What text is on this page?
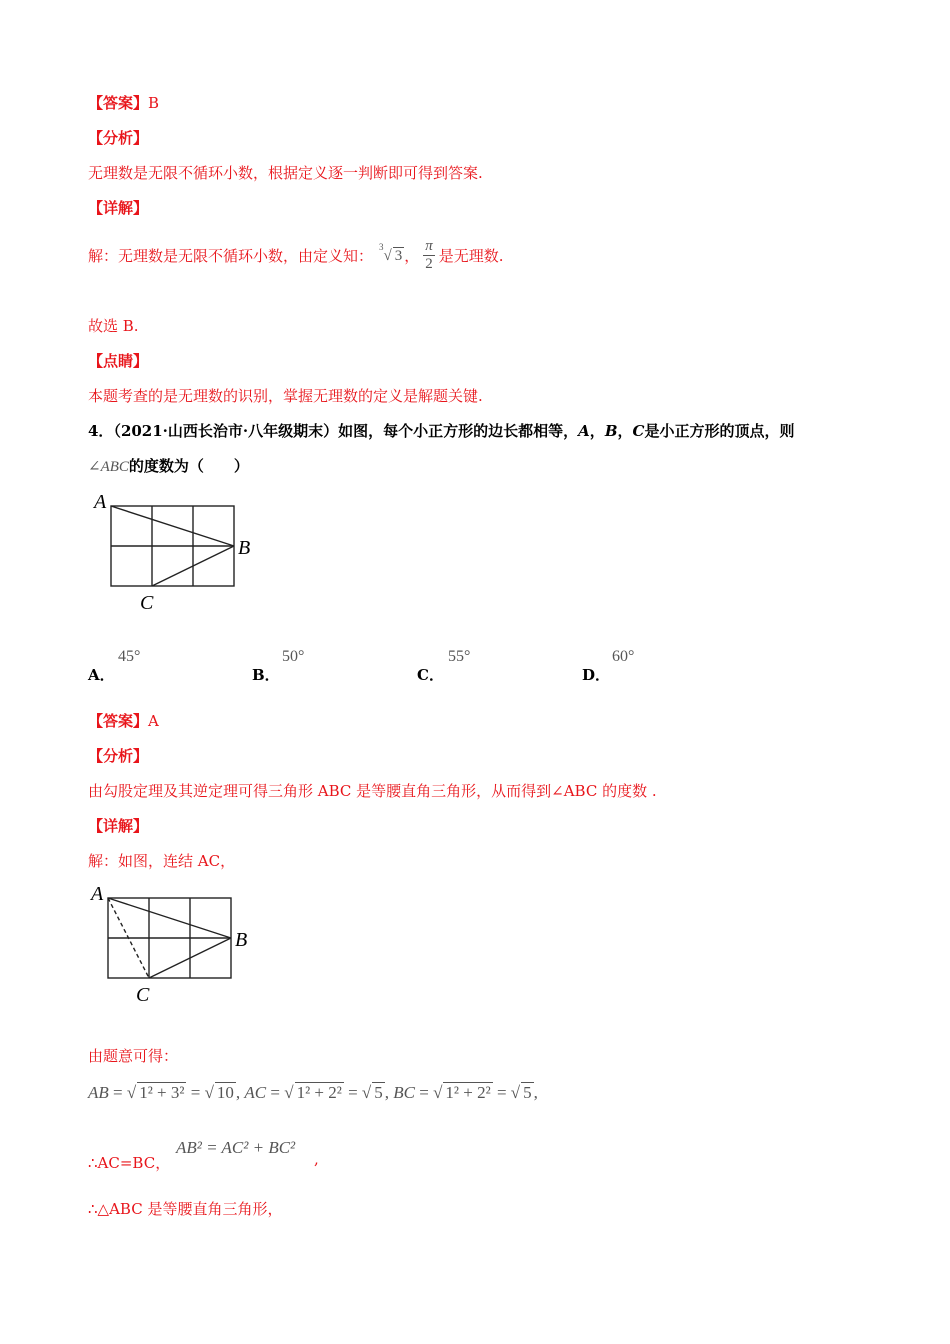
【答案】B
【分析】
无理数是无限不循环小数，根据定义逐一判断即可得到答案.
【详解】
解：无理数是无限不循环小数，由定义知： $^3$√ 3 ， $\frac{\pi}{2}$ 是无理数.
故选 B.
【点睛】
本题考查的是无理数的识别，掌握无理数的定义是解题关键.
4．（2021·山西长治市·八年级期末）如图，每个小正方形的边长都相等，A，B，C是小正方形的顶点，则
∠ABC的度数为（　　）
A
B
C
A．
45°
B．
50°
C．
55°
D．
60°
【答案】A
【分析】
由勾股定理及其逆定理可得三角形 ABC 是等腰直角三角形，从而得到∠ABC 的度数 .
【详解】
解：如图，连结 AC，
A
B
C
由题意可得：
AB = √ 1² + 3² = √ 10 , AC = √ 1² + 2² = √ 5 , BC = √ 1² + 2² = √ 5 ,
∴AC=BC，
AB² = AC² + BC²
,
∴△ABC 是等腰直角三角形，
